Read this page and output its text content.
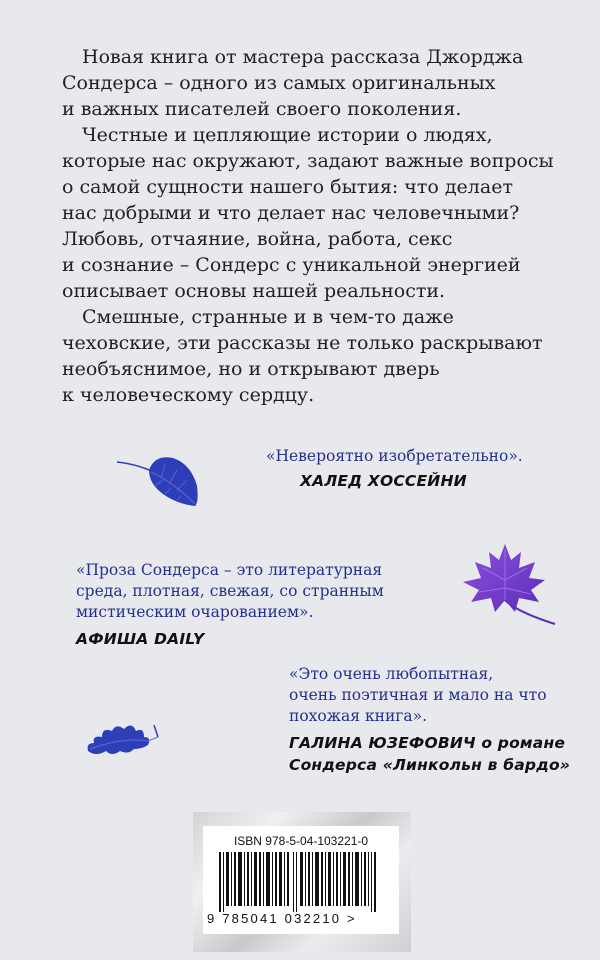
Новая книга от мастера рассказа Джорджа

Сондерса – одного из самых оригинальных

и важных писателей своего поколения.

Честные и цепляющие истории о людях,

которые нас окружают, задают важные вопросы

о самой сущности нашего бытия: что делает

нас добрыми и что делает нас человечными?

Любовь, отчаяние, война, работа, секс

и сознание – Сондерс с уникальной энергией

описывает основы нашей реальности.

Смешные, странные и в чем-то даже

чеховские, эти рассказы не только раскрывают

необъяснимое, но и открывают дверь

к человеческому сердцу.

«Невероятно изобретательно».

ХАЛЕД ХОССЕЙНИ

«Проза Сондерса – это литературная

среда, плотная, свежая, со странным

мистическим очарованием».

АФИША DAILY

«Это очень любопытная,

очень поэтичная и мало на что

похожая книга».

ГАЛИНА ЮЗЕФОВИЧ о романе

Сондерса «Линкольн в бардо»

ISBN 978-5-04-103221-0
9 785041 032210 >
